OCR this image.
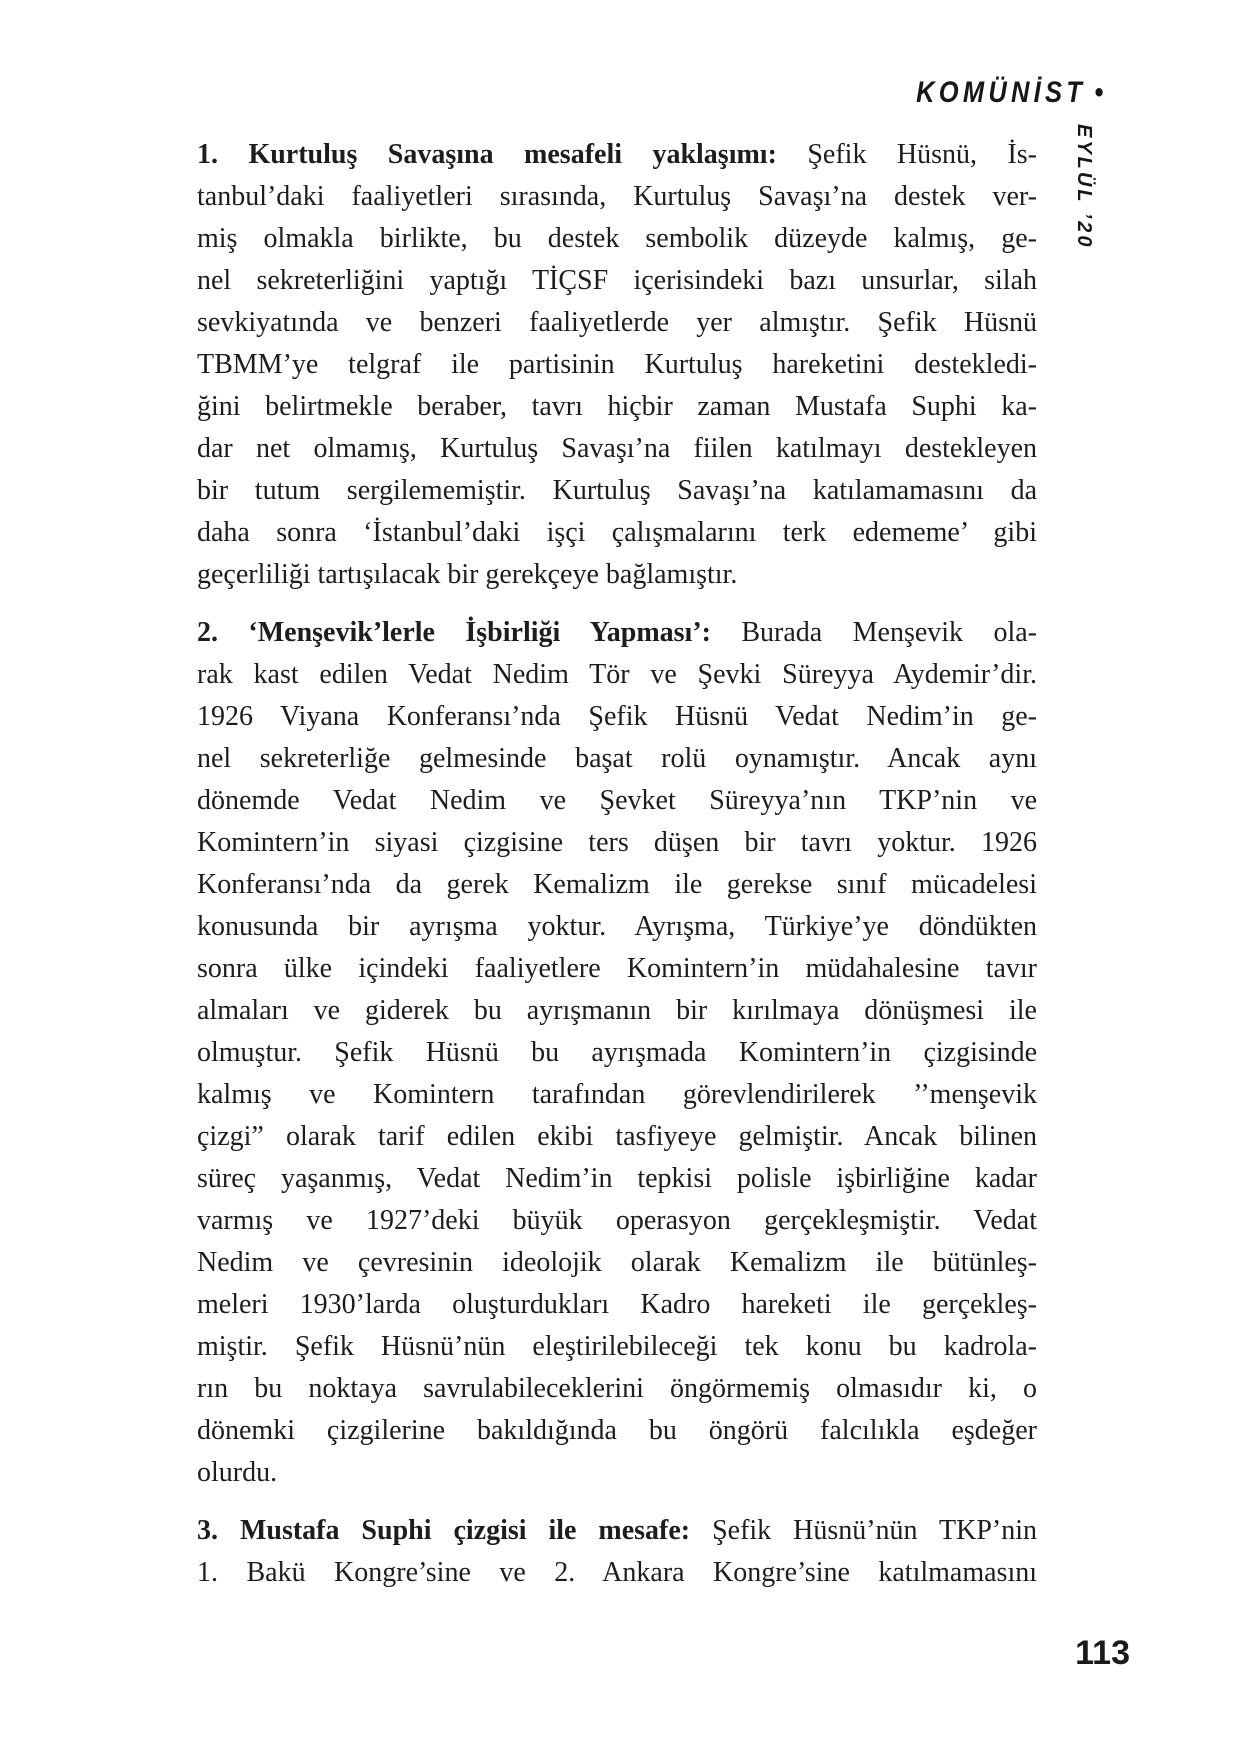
KOMÜNİST •
EYLÜL ’20
1. Kurtuluş Savaşına mesafeli yaklaşımı: Şefik Hüsnü, İs-
tanbul’daki faaliyetleri sırasında, Kurtuluş Savaşı’na destek ver-
miş olmakla birlikte, bu destek sembolik düzeyde kalmış, ge-
nel sekreterliğini yaptığı TİÇSF içerisindeki bazı unsurlar, silah
sevkiyatında ve benzeri faaliyetlerde yer almıştır. Şefik Hüsnü
TBMM’ye telgraf ile partisinin Kurtuluş hareketini destekledi-
ğini belirtmekle beraber, tavrı hiçbir zaman Mustafa Suphi ka-
dar net olmamış, Kurtuluş Savaşı’na fiilen katılmayı destekleyen
bir tutum sergilememiştir. Kurtuluş Savaşı’na katılamamasını da
daha sonra ‘İstanbul’daki işçi çalışmalarını terk edememe’ gibi
geçerliliği tartışılacak bir gerekçeye bağlamıştır.
2. ‘Menşevik’lerle İşbirliği Yapması’: Burada Menşevik ola-
rak kast edilen Vedat Nedim Tör ve Şevki Süreyya Aydemir’dir.
1926 Viyana Konferansı’nda Şefik Hüsnü Vedat Nedim’in ge-
nel sekreterliğe gelmesinde başat rolü oynamıştır. Ancak aynı
dönemde Vedat Nedim ve Şevket Süreyya’nın TKP’nin ve
Komintern’in siyasi çizgisine ters düşen bir tavrı yoktur. 1926
Konferansı’nda da gerek Kemalizm ile gerekse sınıf mücadelesi
konusunda bir ayrışma yoktur. Ayrışma, Türkiye’ye döndükten
sonra ülke içindeki faaliyetlere Komintern’in müdahalesine tavır
almaları ve giderek bu ayrışmanın bir kırılmaya dönüşmesi ile
olmuştur. Şefik Hüsnü bu ayrışmada Komintern’in çizgisinde
kalmış ve Komintern tarafından görevlendirilerek ’’menşevik
çizgi” olarak tarif edilen ekibi tasfiyeye gelmiştir. Ancak bilinen
süreç yaşanmış, Vedat Nedim’in tepkisi polisle işbirliğine kadar
varmış ve 1927’deki büyük operasyon gerçekleşmiştir. Vedat
Nedim ve çevresinin ideolojik olarak Kemalizm ile bütünleş-
meleri 1930’larda oluşturdukları Kadro hareketi ile gerçekleş-
miştir. Şefik Hüsnü’nün eleştirilebileceği tek konu bu kadrola-
rın bu noktaya savrulabileceklerini öngörmemiş olmasıdır ki, o
dönemki çizgilerine bakıldığında bu öngörü falcılıkla eşdeğer
olurdu.
3. Mustafa Suphi çizgisi ile mesafe: Şefik Hüsnü’nün TKP’nin
1. Bakü Kongre’sine ve 2. Ankara Kongre’sine katılmamasını
113
